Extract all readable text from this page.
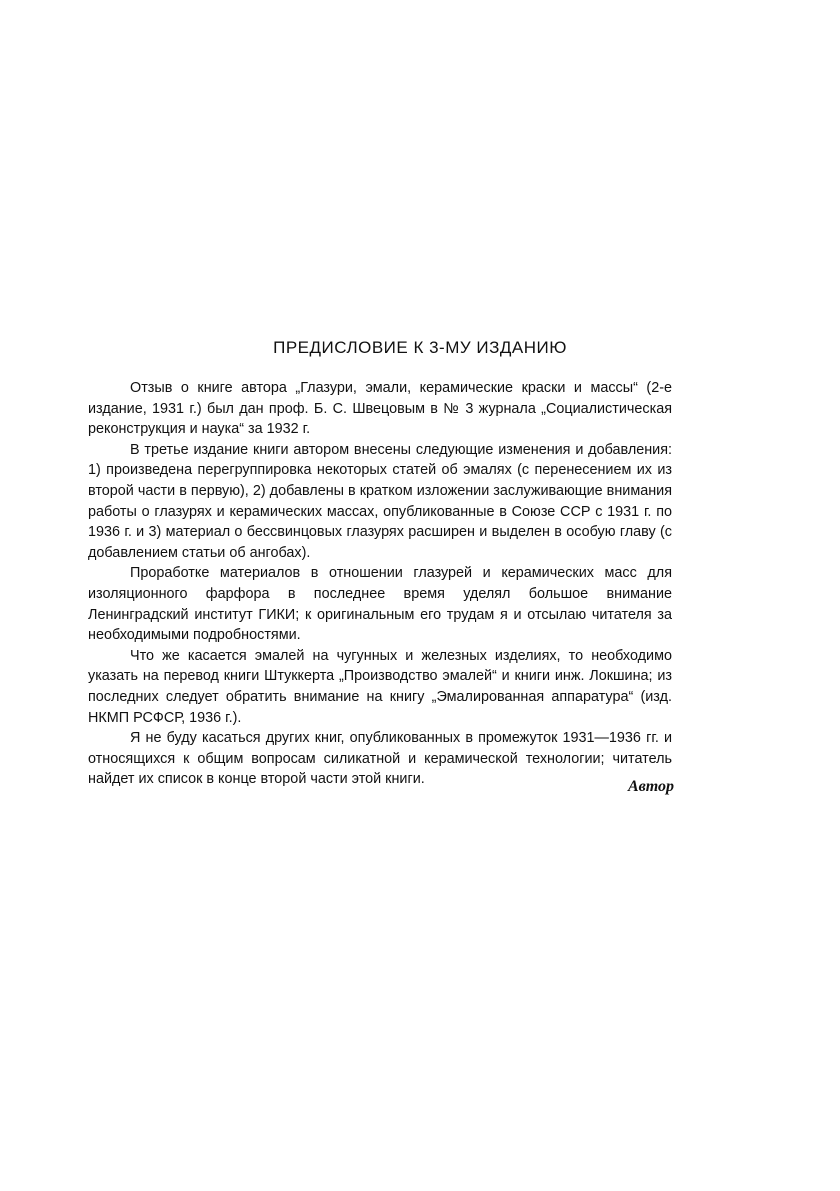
ПРЕДИСЛОВИЕ К 3-МУ ИЗДАНИЮ

Отзыв о книге автора „Глазури, эмали, керамические краски и массы“ (2-е издание, 1931 г.) был дан проф. Б. С. Швецовым в № 3 журнала „Социалистическая реконструкция и наука“ за 1932 г.

В третье издание книги автором внесены следующие изменения и добавления: 1) произведена перегруппировка некоторых статей об эмалях (с перенесением их из второй части в первую), 2) добавлены в кратком изложении заслуживающие внимания работы о глазурях и керамических массах, опубликованные в Союзе ССР с 1931 г. по 1936 г. и 3) материал о бессвинцовых глазурях расширен и выделен в особую главу (с добавлением статьи об ангобах).

Проработке материалов в отношении глазурей и керамических масс для изоляционного фарфора в последнее время уделял большое внимание Ленинградский институт ГИКИ; к оригинальным его трудам я и отсылаю читателя за необходимыми подробностями.

Что же касается эмалей на чугунных и железных изделиях, то необходимо указать на перевод книги Штуккерта „Производство эмалей“ и книги инж. Локшина; из последних следует обратить внимание на книгу „Эмалированная аппаратура“ (изд. НКМП РСФСР, 1936 г.).

Я не буду касаться других книг, опубликованных в промежуток 1931—1936 гг. и относящихся к общим вопросам силикатной и керамической технологии; читатель найдет их список в конце второй части этой книги.	Автор
